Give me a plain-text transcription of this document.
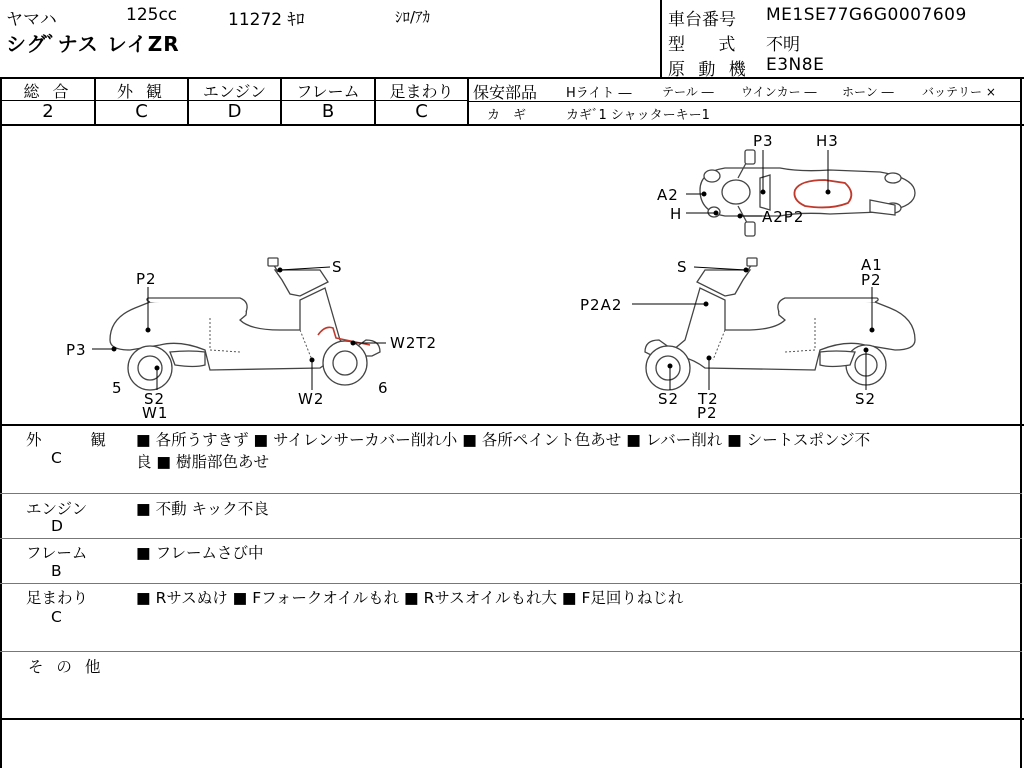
ヤマハ	125cc	11272 ｷﾛ	ｼﾛ/ｱｶ
シグﾞナス レイZR
車台番号 ME1SE77G6G0007609
型 式 不明
原 動 機 E3N8E
総 合	外 観	エンジン	フレーム	足まわり
2	C	D	B	C
保安部品 Hライト ―	テール ― ウインカー ― ホーン ― バッテリー ×
カ　ギ	カギﾞ1 シャッターキー1
P3	H3
A2
H	A2P2
S
P2
P3	W2T2
5
S2
W1
W2
6
S	A1
P2
P2A2
S2 T2
P2
S2
外 観
C
■ 各所うすきず ■ サイレンサーカバー削れ小 ■ 各所ペイント色あせ ■ レバー削れ ■ シートスポンジ不
良 ■ 樹脂部色あせ
エンジン
D
■ 不動 キック不良
フレーム
B
■ フレームさび中
足まわり
C
■ Rサスぬけ ■ Fフォークオイルもれ ■ Rサスオイルもれ大 ■ F足回りねじれ
そ の 他
